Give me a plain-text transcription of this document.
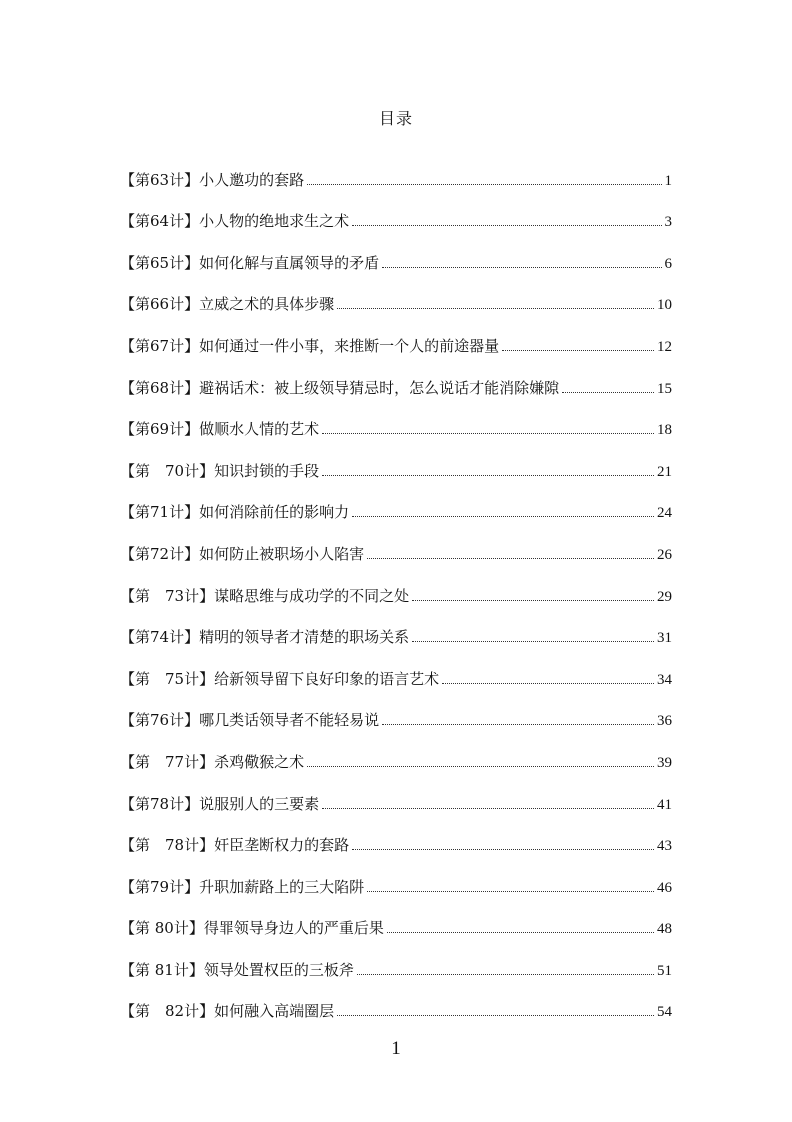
目录
【第63计】小人邀功的套路	1
【第64计】小人物的绝地求生之术	3
【第65计】如何化解与直属领导的矛盾	6
【第66计】立威之术的具体步骤	10
【第67计】如何通过一件小事，来推断一个人的前途器量	12
【第68计】避祸话术：被上级领导猜忌时，怎么说话才能消除嫌隙	15
【第69计】做顺水人情的艺术	18
【第　70计】知识封锁的手段	21
【第71计】如何消除前任的影响力	24
【第72计】如何防止被职场小人陷害	26
【第　73计】谋略思维与成功学的不同之处	29
【第74计】精明的领导者才清楚的职场关系	31
【第　75计】给新领导留下良好印象的语言艺术	34
【第76计】哪几类话领导者不能轻易说	36
【第　77计】杀鸡儆猴之术	39
【第78计】说服别人的三要素	41
【第　78计】奸臣垄断权力的套路	43
【第79计】升职加薪路上的三大陷阱	46
【第 80计】得罪领导身边人的严重后果	48
【第 81计】领导处置权臣的三板斧	51
【第　82计】如何融入高端圈层	54
1
